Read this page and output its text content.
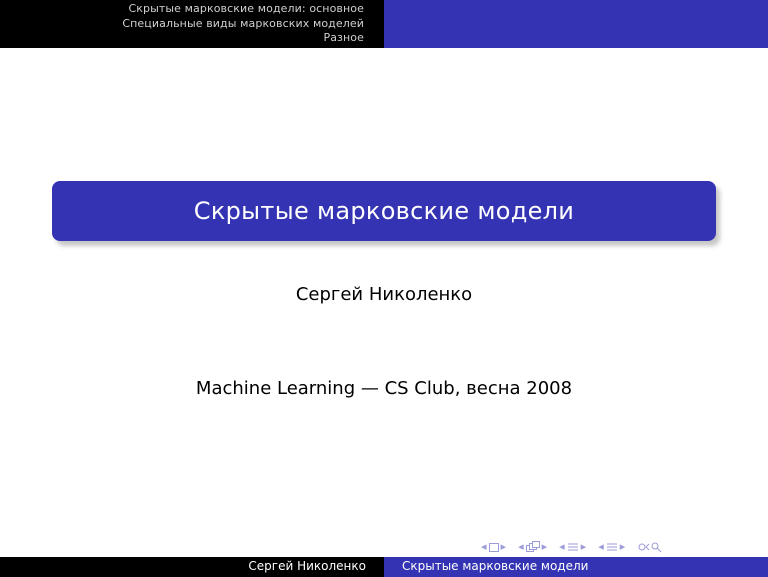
Скрытые марковские модели: основное
Специальные виды марковских моделей
Разное
Скрытые марковские модели
Сергей Николенко
Machine Learning — CS Club, весна 2008
◂ ▸ ◂ ▸ ◂ ▸ ◂ ▸
Сергей Николенко	Скрытые марковские модели
